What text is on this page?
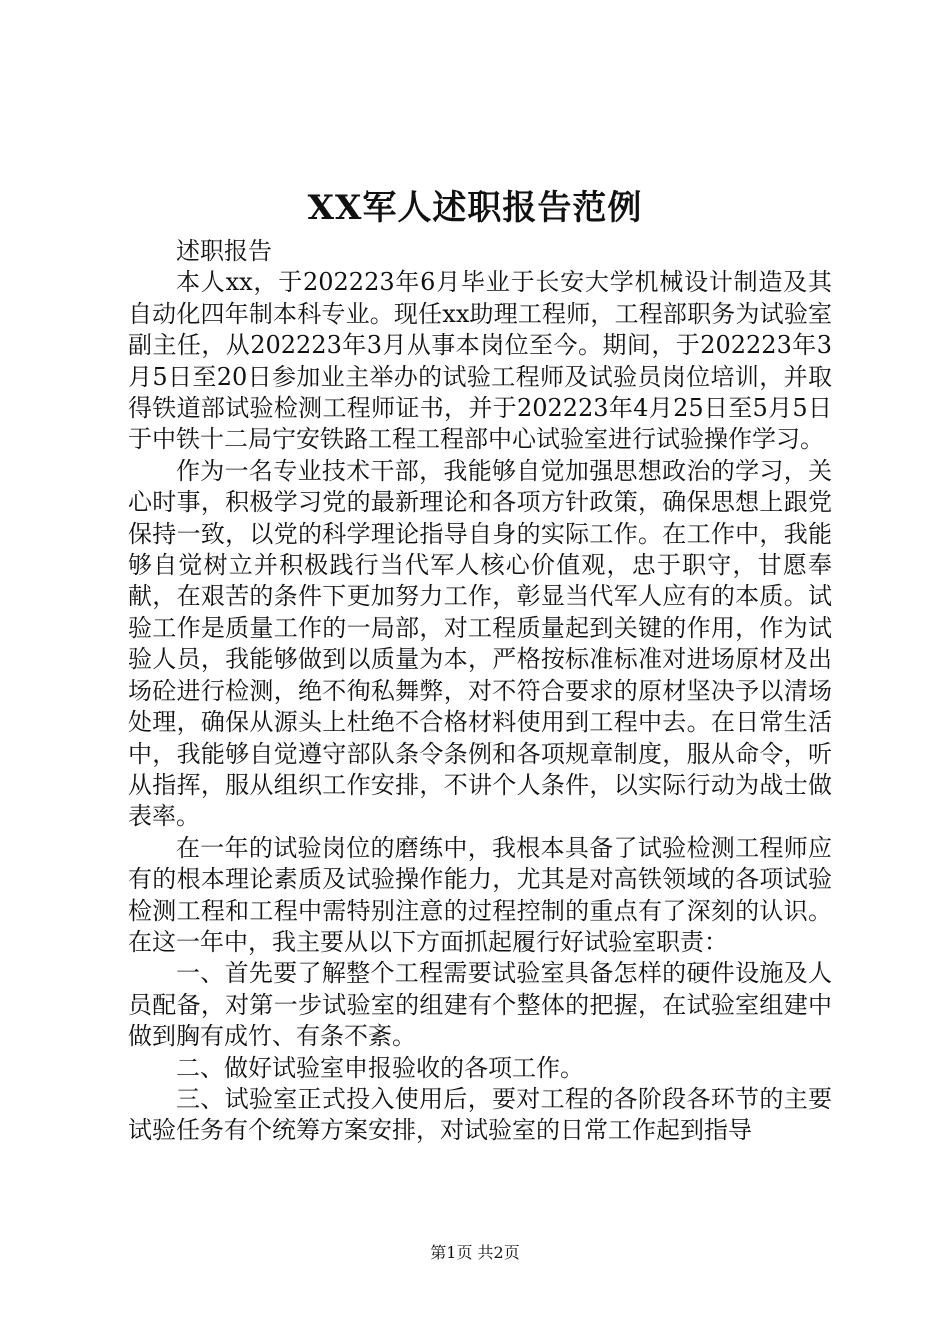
XX军人述职报告范例

述职报告

本人xx，于202223年6月毕业于长安大学机械设计制造及其自动化四年制本科专业。现任xx助理工程师，工程部职务为试验室副主任，从202223年3月从事本岗位至今。期间，于202223年3月5日至20日参加业主举办的试验工程师及试验员岗位培训，并取得铁道部试验检测工程师证书，并于202223年4月25日至5月5日于中铁十二局宁安铁路工程工程部中心试验室进行试验操作学习。

作为一名专业技术干部，我能够自觉加强思想政治的学习，关心时事，积极学习党的最新理论和各项方针政策，确保思想上跟党保持一致，以党的科学理论指导自身的实际工作。在工作中，我能够自觉树立并积极践行当代军人核心价值观，忠于职守，甘愿奉献，在艰苦的条件下更加努力工作，彰显当代军人应有的本质。试验工作是质量工作的一局部，对工程质量起到关键的作用，作为试验人员，我能够做到以质量为本，严格按标准标准对进场原材及出场砼进行检测，绝不徇私舞弊，对不符合要求的原材坚决予以清场处理，确保从源头上杜绝不合格材料使用到工程中去。在日常生活中，我能够自觉遵守部队条令条例和各项规章制度，服从命令，听从指挥，服从组织工作安排，不讲个人条件，以实际行动为战士做表率。

在一年的试验岗位的磨练中，我根本具备了试验检测工程师应有的根本理论素质及试验操作能力，尤其是对高铁领域的各项试验检测工程和工程中需特别注意的过程控制的重点有了深刻的认识。在这一年中，我主要从以下方面抓起履行好试验室职责：

一、首先要了解整个工程需要试验室具备怎样的硬件设施及人员配备，对第一步试验室的组建有个整体的把握，在试验室组建中做到胸有成竹、有条不紊。

二、做好试验室申报验收的各项工作。

三、试验室正式投入使用后，要对工程的各阶段各环节的主要试验任务有个统筹方案安排，对试验室的日常工作起到指导

第1页 共2页
